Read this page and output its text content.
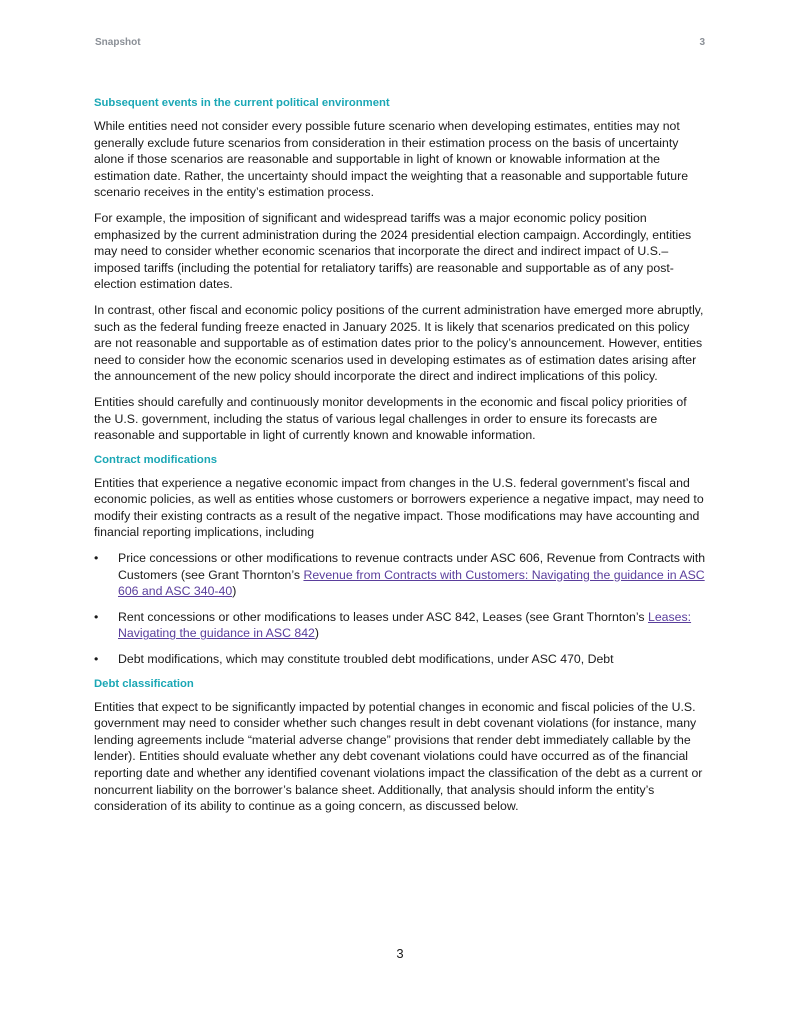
Snapshot	3
Subsequent events in the current political environment

While entities need not consider every possible future scenario when developing estimates, entities may not generally exclude future scenarios from consideration in their estimation process on the basis of uncertainty alone if those scenarios are reasonable and supportable in light of known or knowable information at the estimation date. Rather, the uncertainty should impact the weighting that a reasonable and supportable future scenario receives in the entity’s estimation process.

For example, the imposition of significant and widespread tariffs was a major economic policy position emphasized by the current administration during the 2024 presidential election campaign. Accordingly, entities may need to consider whether economic scenarios that incorporate the direct and indirect impact of U.S.–imposed tariffs (including the potential for retaliatory tariffs) are reasonable and supportable as of any post-election estimation dates.

In contrast, other fiscal and economic policy positions of the current administration have emerged more abruptly, such as the federal funding freeze enacted in January 2025. It is likely that scenarios predicated on this policy are not reasonable and supportable as of estimation dates prior to the policy’s announcement. However, entities need to consider how the economic scenarios used in developing estimates as of estimation dates arising after the announcement of the new policy should incorporate the direct and indirect implications of this policy.

Entities should carefully and continuously monitor developments in the economic and fiscal policy priorities of the U.S. government, including the status of various legal challenges in order to ensure its forecasts are reasonable and supportable in light of currently known and knowable information.

Contract modifications

Entities that experience a negative economic impact from changes in the U.S. federal government’s fiscal and economic policies, as well as entities whose customers or borrowers experience a negative impact, may need to modify their existing contracts as a result of the negative impact. Those modifications may have accounting and financial reporting implications, including

• Price concessions or other modifications to revenue contracts under ASC 606, Revenue from Contracts with Customers (see Grant Thornton’s Revenue from Contracts with Customers: Navigating the guidance in ASC 606 and ASC 340-40)
• Rent concessions or other modifications to leases under ASC 842, Leases (see Grant Thornton’s Leases: Navigating the guidance in ASC 842)
• Debt modifications, which may constitute troubled debt modifications, under ASC 470, Debt
Debt classification

Entities that expect to be significantly impacted by potential changes in economic and fiscal policies of the U.S. government may need to consider whether such changes result in debt covenant violations (for instance, many lending agreements include “material adverse change” provisions that render debt immediately callable by the lender). Entities should evaluate whether any debt covenant violations could have occurred as of the financial reporting date and whether any identified covenant violations impact the classification of the debt as a current or noncurrent liability on the borrower’s balance sheet. Additionally, that analysis should inform the entity’s consideration of its ability to continue as a going concern, as discussed below.

3
